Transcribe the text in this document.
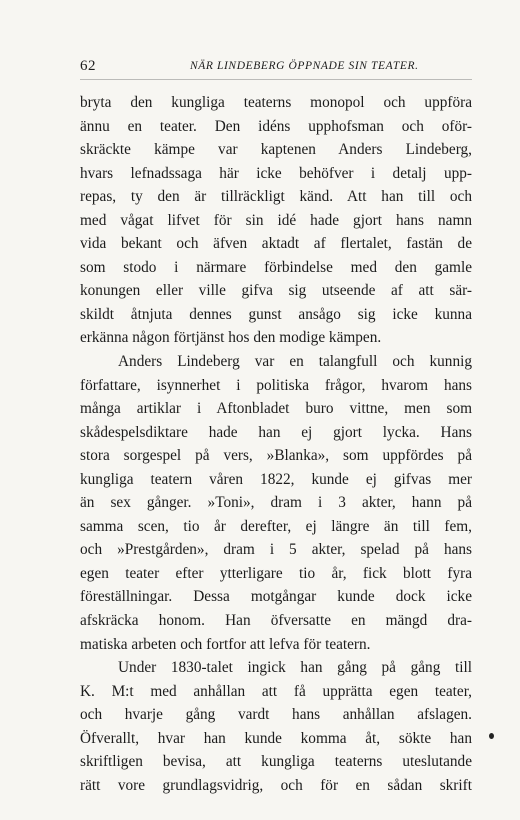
62	NÄR LINDEBERG ÖPPNADE SIN TEATER.
bryta den kungliga teaterns monopol och uppföra
ännu en teater. Den idéns upphofsman och oför-
skräckte kämpe var kaptenen Anders Lindeberg,
hvars lefnadssaga här icke behöfver i detalj upp-
repas, ty den är tillräckligt känd. Att han till och
med vågat lifvet för sin idé hade gjort hans namn
vida bekant och äfven aktadt af flertalet, fastän de
som stodo i närmare förbindelse med den gamle
konungen eller ville gifva sig utseende af att sär-
skildt åtnjuta dennes gunst ansågo sig icke kunna
erkänna någon förtjänst hos den modige kämpen.
Anders Lindeberg var en talangfull och kunnig
författare, isynnerhet i politiska frågor, hvarom hans
många artiklar i Aftonbladet buro vittne, men som
skådespelsdiktare hade han ej gjort lycka. Hans
stora sorgespel på vers, »Blanka», som uppfördes på
kungliga teatern våren 1822, kunde ej gifvas mer
än sex gånger. »Toni», dram i 3 akter, hann på
samma scen, tio år derefter, ej längre än till fem,
och »Prestgården», dram i 5 akter, spelad på hans
egen teater efter ytterligare tio år, fick blott fyra
föreställningar. Dessa motgångar kunde dock icke
afskräcka honom. Han öfversatte en mängd dra-
matiska arbeten och fortfor att lefva för teatern.
Under 1830-talet ingick han gång på gång till
K. M:t med anhållan att få upprätta egen teater,
och hvarje gång vardt hans anhållan afslagen.
Öfverallt, hvar han kunde komma åt, sökte han
skriftligen bevisa, att kungliga teaterns uteslutande
rätt vore grundlagsvidrig, och för en sådan skrift
